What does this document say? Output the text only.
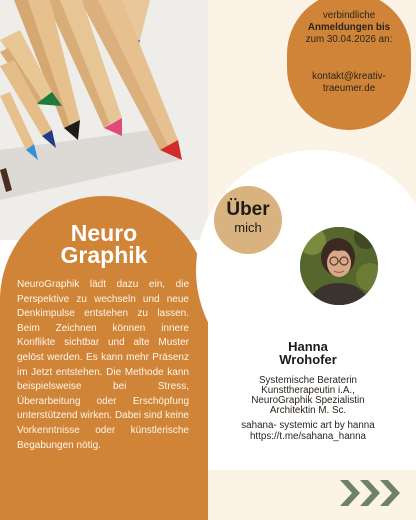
Neuro
Graphik
NeuroGraphik lädt dazu ein, die Perspektive zu wechseln und neue Denkimpulse entstehen zu lassen. Beim Zeichnen können innere Konflikte sichtbar und alte Muster gelöst werden. Es kann mehr Präsenz im Jetzt entstehen. Die Methode kann beispielsweise bei Stress, Überarbeitung oder Erschöpfung unterstützend wirken. Dabei sind keine Vorkenntnisse oder künstlerische Begabungen nötig.
verbindliche
Anmeldungen bis
zum 30.04.2026 an:
kontakt@kreativ-
traeumer.de
Über
mich
Hanna
Wrohofer
Systemische Beraterin
Kunsttherapeutin i.A.,
NeuroGraphik Spezialistin
Architektin M. Sc.
sahana- systemic art by hanna
https://t.me/sahana_hanna
